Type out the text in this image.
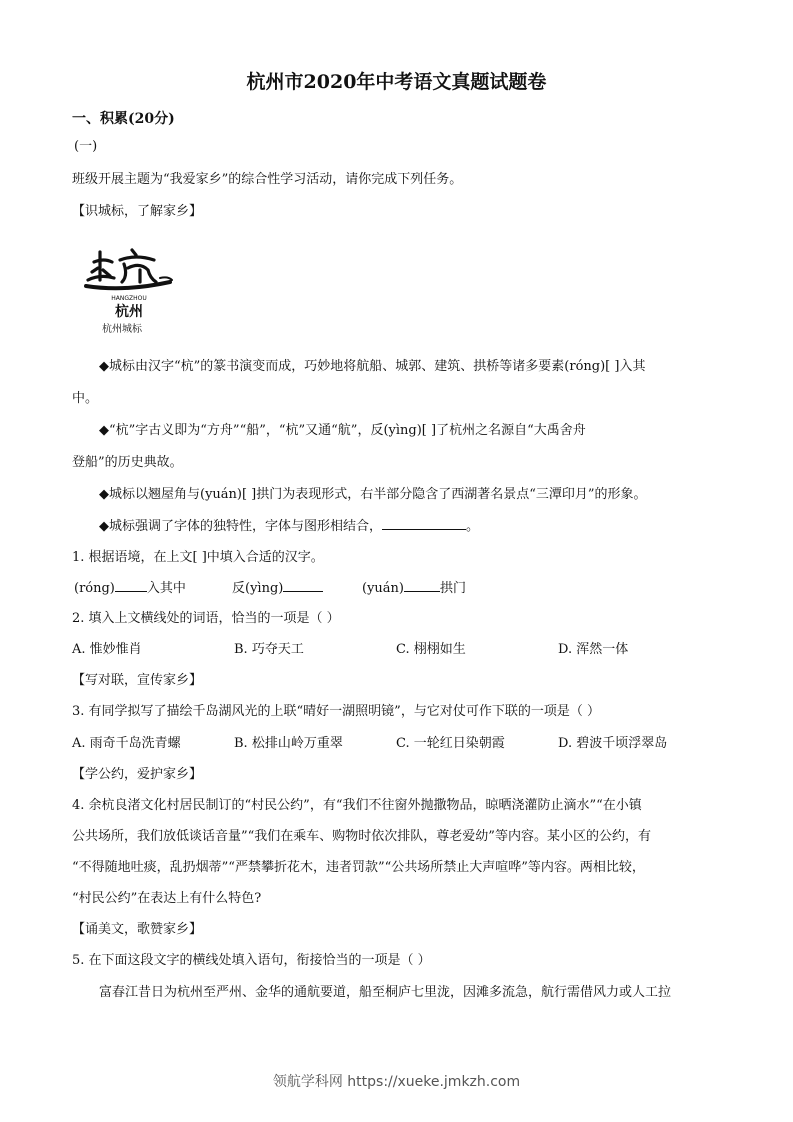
杭州市2020年中考语文真题试题卷
一、积累(20分)
(一)
班级开展主题为“我爱家乡”的综合性学习活动，请你完成下列任务。
【识城标，了解家乡】
HANGZHOU
杭州
杭州城标
◆城标由汉字“杭”的篆书演变而成，巧妙地将航船、城郭、建筑、拱桥等诸多要素(róng)[ ]入其
中。
◆“杭”字古义即为“方舟”“船”，“杭”又通“航”，反(yìng)[ ]了杭州之名源自“大禹舍舟
登船”的历史典故。
◆城标以翘屋角与(yuán)[ ]拱门为表现形式，右半部分隐含了西湖著名景点“三潭印月”的形象。
◆城标强调了字体的独特性，字体与图形相结合，	。
1. 根据语境，在上文[ ]中填入合适的汉字。
(róng) 入其中	反(yìng)	(yuán)	拱门
2. 填入上文横线处的词语，恰当的一项是（ ）
A. 惟妙惟肖	B. 巧夺天工	C. 栩栩如生	D. 浑然一体
【写对联，宣传家乡】
3. 有同学拟写了描绘千岛湖风光的上联“晴好一湖照明镜”，与它对仗可作下联的一项是（ ）
A. 雨奇千岛洗青螺	B. 松排山岭万重翠	C. 一轮红日染朝霞	D. 碧波千顷浮翠岛
【学公约，爱护家乡】
4. 余杭良渚文化村居民制订的“村民公约”，有“我们不往窗外抛撒物品，晾晒浇灌防止滴水”“在小镇
公共场所，我们放低谈话音量”“我们在乘车、购物时依次排队，尊老爱幼”等内容。某小区的公约，有
“不得随地吐痰，乱扔烟蒂”“严禁攀折花木，违者罚款”“公共场所禁止大声喧哗”等内容。两相比较，
“村民公约”在表达上有什么特色?
【诵美文，歌赞家乡】
5. 在下面这段文字的横线处填入语句，衔接恰当的一项是（ ）
富春江昔日为杭州至严州、金华的通航要道，船至桐庐七里泷，因滩多流急，航行需借风力或人工拉
领航学科网 https://xueke.jmkzh.com
